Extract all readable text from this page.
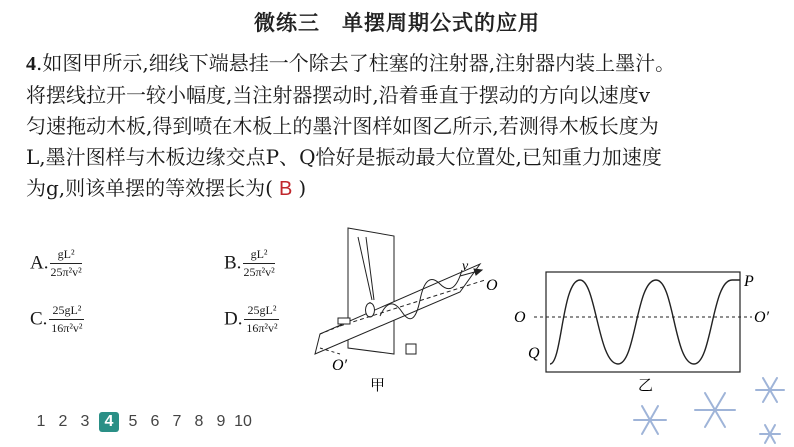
微练三 单摆周期公式的应用
4.如图甲所示,细线下端悬挂一个除去了柱塞的注射器,注射器内装上墨汁。
将摆线拉开一较小幅度,当注射器摆动时,沿着垂直于摆动的方向以速度v
匀速拖动木板,得到喷在木板上的墨汁图样如图乙所示,若测得木板长度为
L,墨汁图样与木板边缘交点P、Q恰好是振动最大位置处,已知重力加速度
为g,则该单摆的等效摆长为( B )
A. $\frac{\text{gL²}}{\text{25π²v²}}$	B. $\frac{\text{gL²}}{\text{25π²v²}}$
C. $\frac{\text{25gL²}}{\text{16π²v²}}$	D. $\frac{\text{25gL²}}{\text{16π²v²}}$
v
O
O′
甲
P
Q
O	O′
乙
1 2 3 4 5 6 7 8 9 10
